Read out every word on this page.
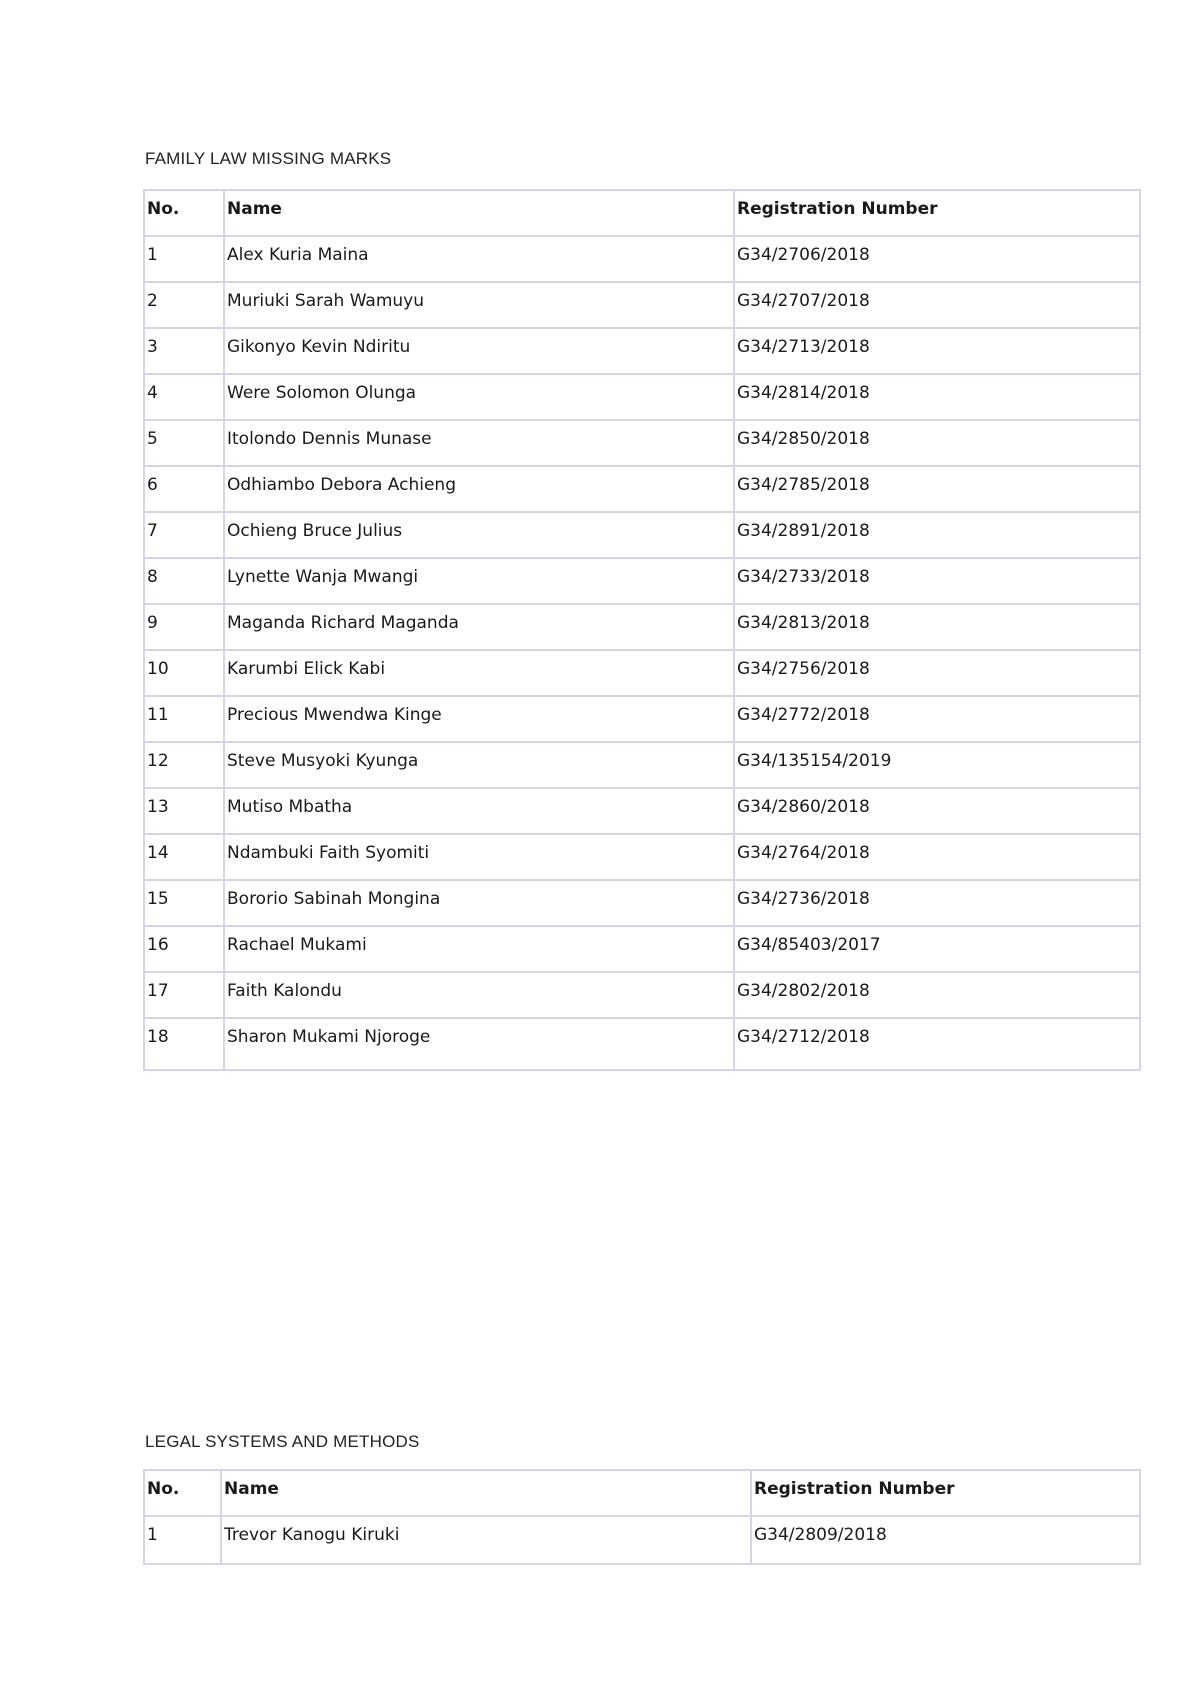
FAMILY LAW MISSING MARKS
No.	Name	Registration Number
1	Alex Kuria Maina	G34/2706/2018
2	Muriuki Sarah Wamuyu	G34/2707/2018
3	Gikonyo Kevin Ndiritu	G34/2713/2018
4	Were Solomon Olunga	G34/2814/2018
5	Itolondo Dennis Munase	G34/2850/2018
6	Odhiambo Debora Achieng	G34/2785/2018
7	Ochieng Bruce Julius	G34/2891/2018
8	Lynette Wanja Mwangi	G34/2733/2018
9	Maganda Richard Maganda	G34/2813/2018
10	Karumbi Elick Kabi	G34/2756/2018
11	Precious Mwendwa Kinge	G34/2772/2018
12	Steve Musyoki Kyunga	G34/135154/2019
13	Mutiso Mbatha	G34/2860/2018
14	Ndambuki Faith Syomiti	G34/2764/2018
15	Bororio Sabinah Mongina	G34/2736/2018
16	Rachael Mukami	G34/85403/2017
17	Faith Kalondu	G34/2802/2018
18	Sharon Mukami Njoroge	G34/2712/2018
LEGAL SYSTEMS AND METHODS
No.	Name	Registration Number
1	Trevor Kanogu Kiruki	G34/2809/2018
